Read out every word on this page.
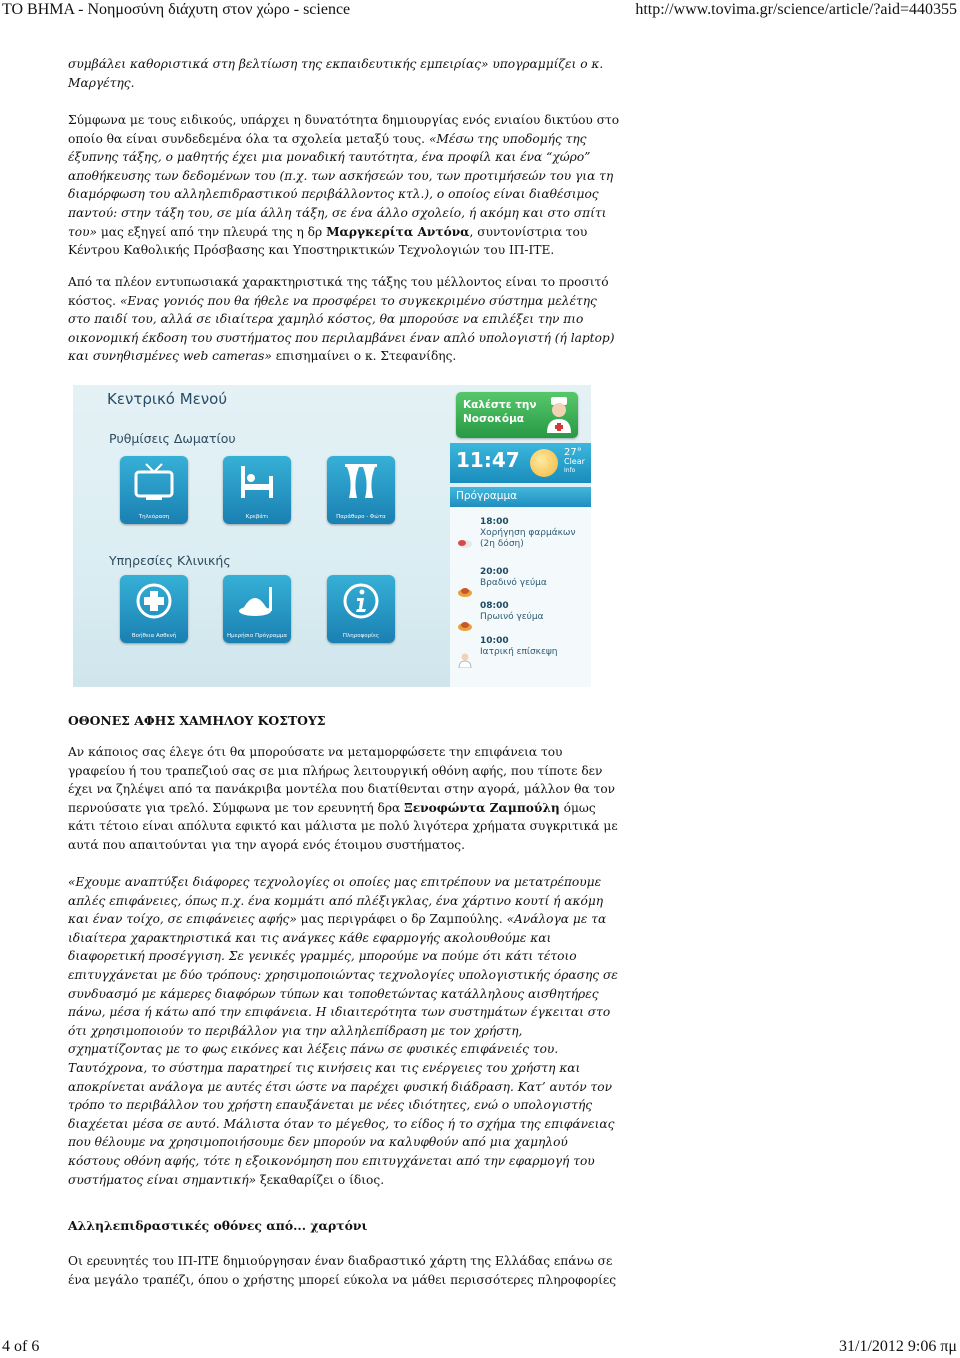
ΤΟ ΒΗΜΑ - Νοημοσύνη διάχυτη στον χώρο - science	http://www.tovima.gr/science/article/?aid=440355

συμβάλει καθοριστικά στη βελτίωση της εκπαιδευτικής εμπειρίας» υπογραμμίζει ο κ. Μαργέτης.

Σύμφωνα με τους ειδικούς, υπάρχει η δυνατότητα δημιουργίας ενός ενιαίου δικτύου στο οποίο θα είναι συνδεδεμένα όλα τα σχολεία μεταξύ τους. «Μέσω της υποδομής της έξυπνης τάξης, ο μαθητής έχει μια μοναδική ταυτότητα, ένα προφίλ και ένα “χώρο” αποθήκευσης των δεδομένων του (π.χ. των ασκήσεών του, των προτιμήσεών του για τη διαμόρφωση του αλληλεπιδραστικού περιβάλλοντος κτλ.), ο οποίος είναι διαθέσιμος παντού: στην τάξη του, σε μία άλλη τάξη, σε ένα άλλο σχολείο, ή ακόμη και στο σπίτι του» μας εξηγεί από την πλευρά της η δρ Μαργκερίτα Αντόνα, συντονίστρια του Κέντρου Καθολικής Πρόσβασης και Υποστηρικτικών Τεχνολογιών του ΙΠ-ΙΤΕ.

Από τα πλέον εντυπωσιακά χαρακτηριστικά της τάξης του μέλλοντος είναι το προσιτό κόστος. «Ενας γονιός που θα ήθελε να προσφέρει το συγκεκριμένο σύστημα μελέτης στο παιδί του, αλλά σε ιδιαίτερα χαμηλό κόστος, θα μπορούσε να επιλέξει την πιο οικονομική έκδοση του συστήματος που περιλαμβάνει έναν απλό υπολογιστή (ή laptop) και συνηθισμένες web cameras» επισημαίνει ο κ. Στεφανίδης.

Κεντρικό Μενού
Ρυθμίσεις Δωματίου
Τηλεόραση	Κρεβάτι	Παράθυρο - Φώτα
Υπηρεσίες Κλινικής
Βοήθεια Ασθενή	Ημερήσιο Πρόγραμμα	Πληροφορίες
Καλέστε την Νοσοκόμα
11:47	27°
Clear
Info
Πρόγραμμα
18:00
Χορήγηση φαρμάκων (2η δόση)
20:00
Βραδινό γεύμα
08:00
Πρωινό γεύμα
10:00
Ιατρική επίσκεψη
ΟΘΟΝΕΣ ΑΦΗΣ ΧΑΜΗΛΟΥ ΚΟΣΤΟΥΣ

Αν κάποιος σας έλεγε ότι θα μπορούσατε να μεταμορφώσετε την επιφάνεια του γραφείου ή του τραπεζιού σας σε μια πλήρως λειτουργική οθόνη αφής, που τίποτε δεν έχει να ζηλέψει από τα πανάκριβα μοντέλα που διατίθενται στην αγορά, μάλλον θα τον περνούσατε για τρελό. Σύμφωνα με τον ερευνητή δρα Ξενοφώντα Ζαμπούλη όμως κάτι τέτοιο είναι απόλυτα εφικτό και μάλιστα με πολύ λιγότερα χρήματα συγκριτικά με αυτά που απαιτούνται για την αγορά ενός έτοιμου συστήματος.

«Εχουμε αναπτύξει διάφορες τεχνολογίες οι οποίες μας επιτρέπουν να μετατρέπουμε απλές επιφάνειες, όπως π.χ. ένα κομμάτι από πλέξιγκλας, ένα χάρτινο κουτί ή ακόμη και έναν τοίχο, σε επιφάνειες αφής» μας περιγράφει ο δρ Ζαμπούλης. «Ανάλογα με τα ιδιαίτερα χαρακτηριστικά και τις ανάγκες κάθε εφαρμογής ακολουθούμε και διαφορετική προσέγγιση. Σε γενικές γραμμές, μπορούμε να πούμε ότι κάτι τέτοιο επιτυγχάνεται με δύο τρόπους: χρησιμοποιώντας τεχνολογίες υπολογιστικής όρασης σε συνδυασμό με κάμερες διαφόρων τύπων και τοποθετώντας κατάλληλους αισθητήρες πάνω, μέσα ή κάτω από την επιφάνεια. Η ιδιαιτερότητα των συστημάτων έγκειται στο ότι χρησιμοποιούν το περιβάλλον για την αλληλεπίδραση με τον χρήστη, σχηματίζοντας με το φως εικόνες και λέξεις πάνω σε φυσικές επιφάνειές του. Ταυτόχρονα, το σύστημα παρατηρεί τις κινήσεις και τις ενέργειες του χρήστη και αποκρίνεται ανάλογα με αυτές έτσι ώστε να παρέχει φυσική διάδραση. Κατ’ αυτόν τον τρόπο το περιβάλλον του χρήστη επαυξάνεται με νέες ιδιότητες, ενώ ο υπολογιστής διαχέεται μέσα σε αυτό. Μάλιστα όταν το μέγεθος, το είδος ή το σχήμα της επιφάνειας που θέλουμε να χρησιμοποιήσουμε δεν μπορούν να καλυφθούν από μια χαμηλού κόστους οθόνη αφής, τότε η εξοικονόμηση που επιτυγχάνεται από την εφαρμογή του συστήματος είναι σημαντική» ξεκαθαρίζει ο ίδιος.

Αλληλεπιδραστικές οθόνες από... χαρτόνι

Οι ερευνητές του ΙΠ-ΙΤΕ δημιούργησαν έναν διαδραστικό χάρτη της Ελλάδας επάνω σε ένα μεγάλο τραπέζι, όπου ο χρήστης μπορεί εύκολα να μάθει περισσότερες πληροφορίες

4 of 6	31/1/2012 9:06 πμ
